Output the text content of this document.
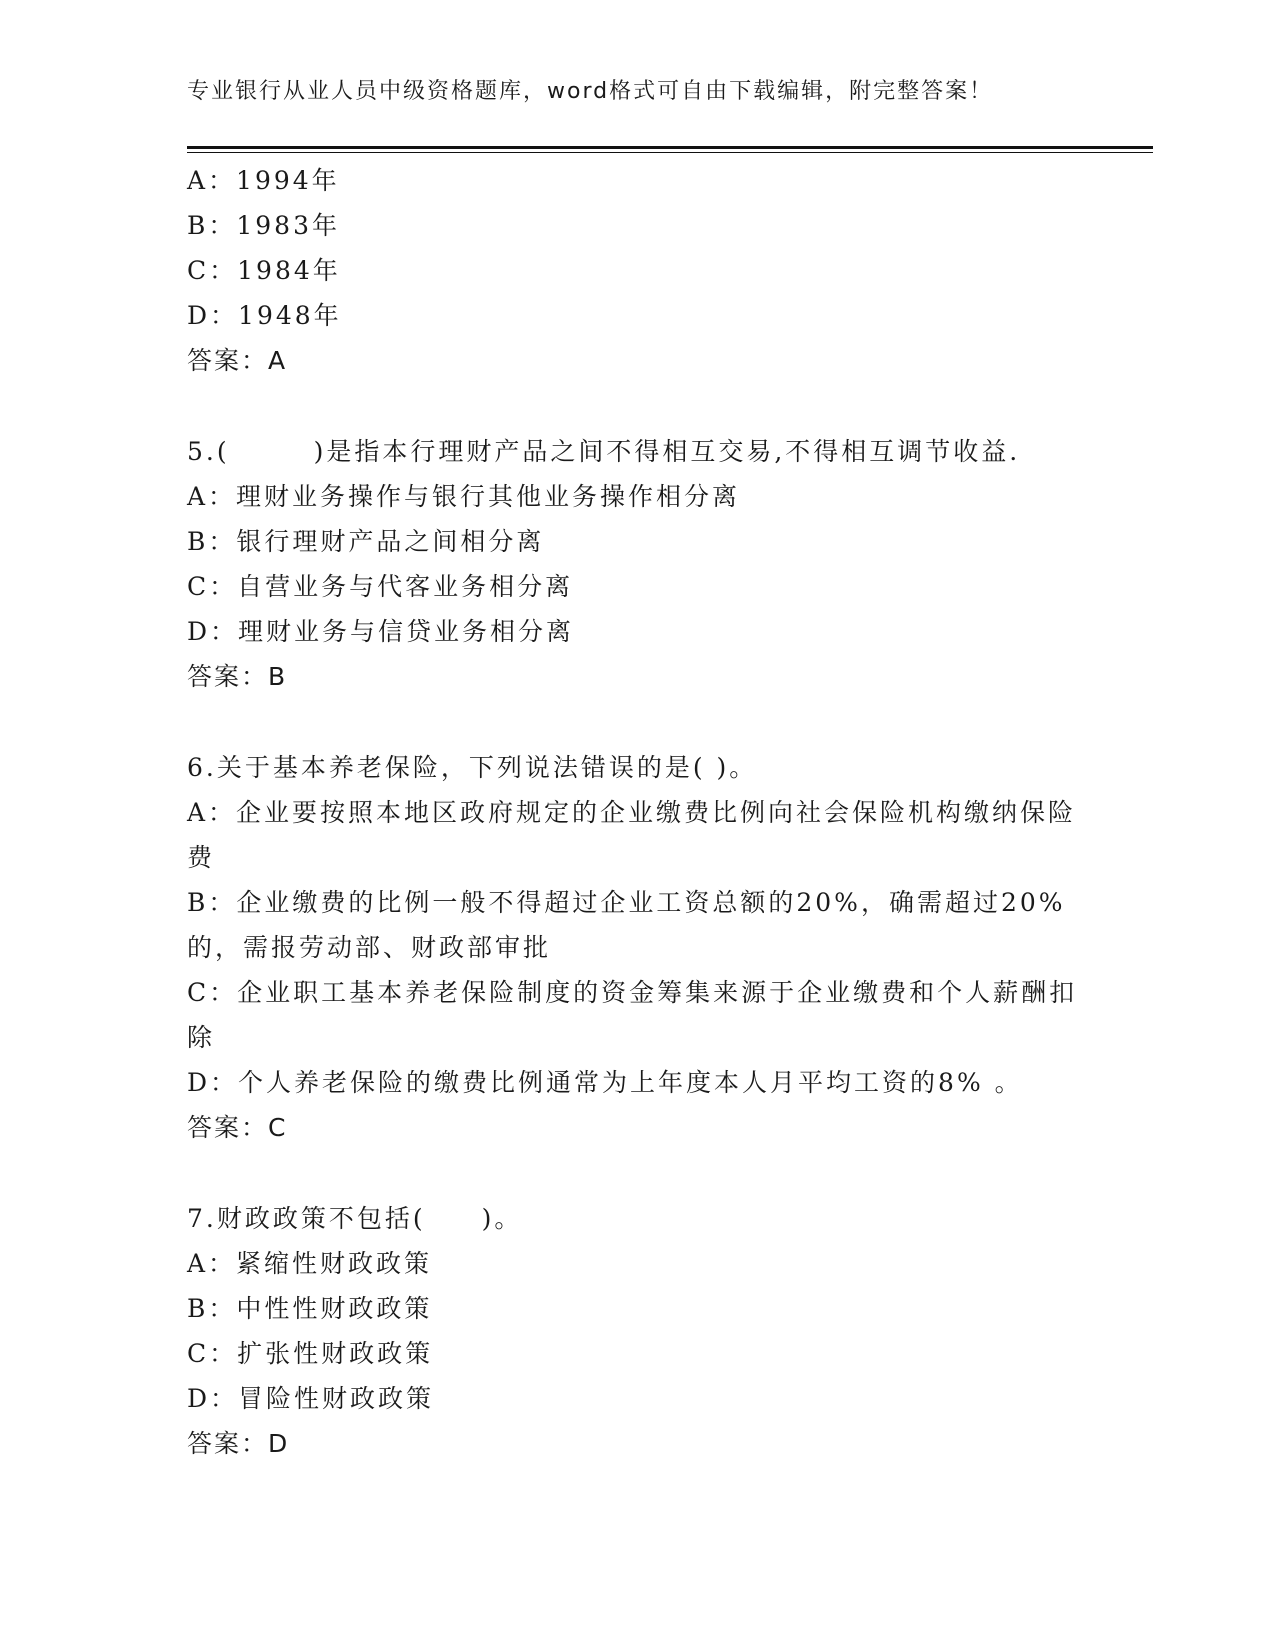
专业银行从业人员中级资格题库，word格式可自由下载编辑，附完整答案！
A：1994年
B：1983年
C：1984年
D：1948年
答案：A
5.(　　　)是指本行理财产品之间不得相互交易,不得相互调节收益.
A：理财业务操作与银行其他业务操作相分离
B：银行理财产品之间相分离
C：自营业务与代客业务相分离
D：理财业务与信贷业务相分离
答案：B
6.关于基本养老保险，下列说法错误的是( )。
A：企业要按照本地区政府规定的企业缴费比例向社会保险机构缴纳保险费
B：企业缴费的比例一般不得超过企业工资总额的20%，确需超过20%的，需报劳动部、财政部审批
C：企业职工基本养老保险制度的资金筹集来源于企业缴费和个人薪酬扣除
D：个人养老保险的缴费比例通常为上年度本人月平均工资的8% 。
答案：C
7.财政政策不包括(　　)。
A：紧缩性财政政策
B：中性性财政政策
C：扩张性财政政策
D：冒险性财政政策
答案：D
